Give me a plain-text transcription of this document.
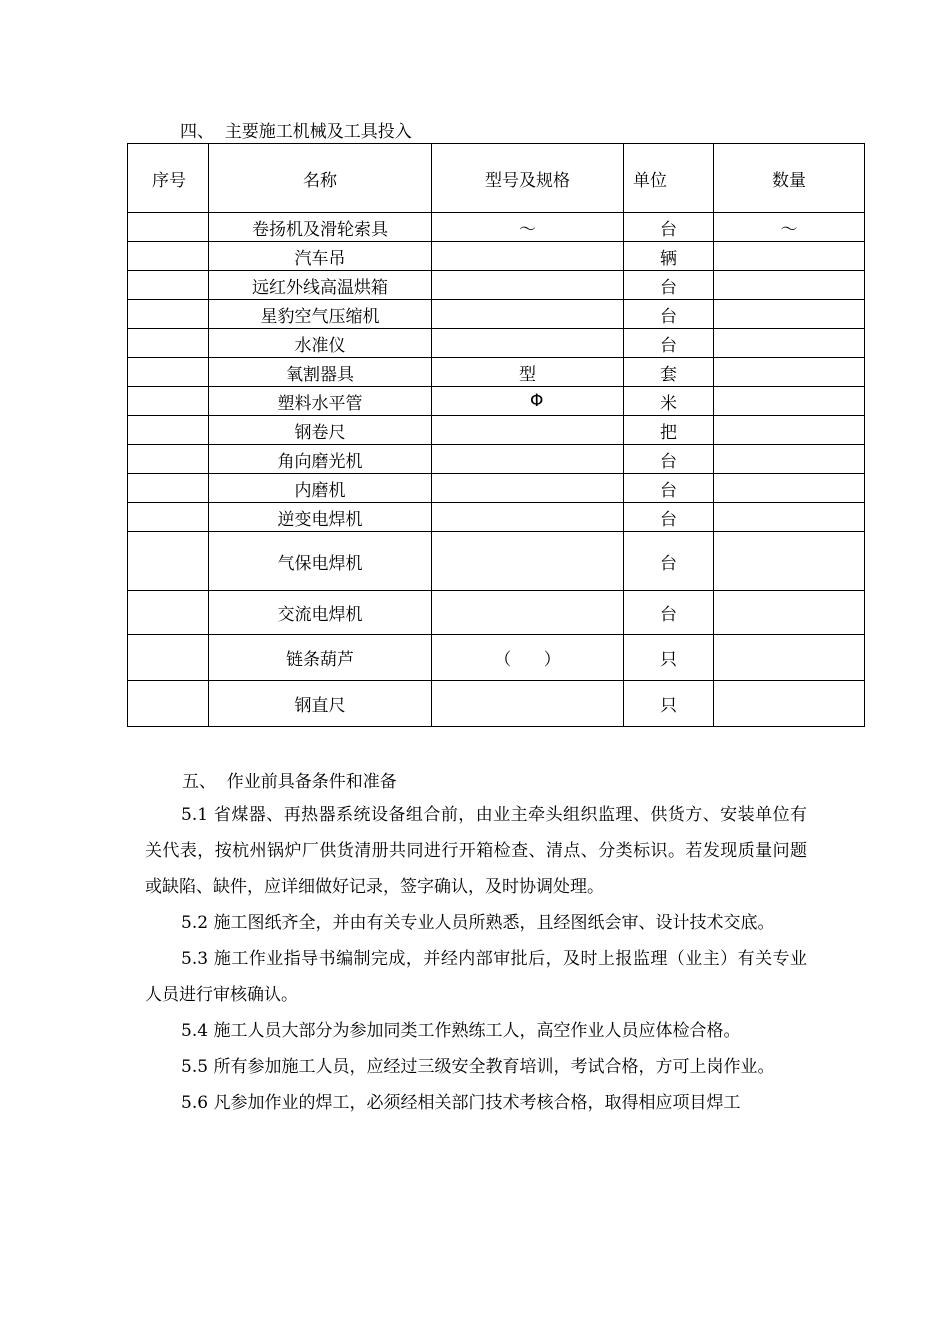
四、  主要施工机械及工具投入
序号	名称	型号及规格	单位	数量
	卷扬机及滑轮索具	～	台	～
	汽车吊		辆	
	远红外线高温烘箱		台	
	星豹空气压缩机		台	
	水准仪		台	
	氧割器具	型	套	
	塑料水平管	Φ	米	
	钢卷尺		把	
	角向磨光机		台	
	内磨机		台	
	逆变电焊机		台	
	气保电焊机		台	
	交流电焊机		台	
	链条葫芦	（      ）	只	
	钢直尺		只	
五、  作业前具备条件和准备

5.1 省煤器、再热器系统设备组合前，由业主牵头组织监理、供货方、安装单位有关代表，按杭州锅炉厂供货清册共同进行开箱检查、清点、分类标识。若发现质量问题或缺陷、缺件，应详细做好记录，签字确认，及时协调处理。

5.2 施工图纸齐全，并由有关专业人员所熟悉，且经图纸会审、设计技术交底。

5.3 施工作业指导书编制完成，并经内部审批后，及时上报监理（业主）有关专业人员进行审核确认。

5.4 施工人员大部分为参加同类工作熟练工人，高空作业人员应体检合格。

5.5 所有参加施工人员，应经过三级安全教育培训，考试合格，方可上岗作业。

5.6 凡参加作业的焊工，必须经相关部门技术考核合格，取得相应项目焊工
